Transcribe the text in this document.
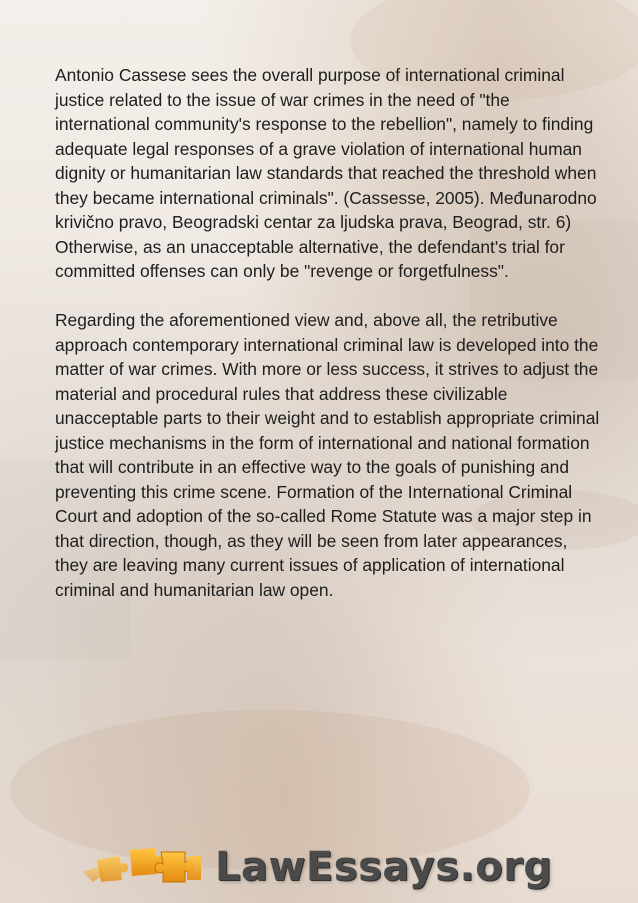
Antonio Cassese sees the overall purpose of international criminal justice related to the issue of war crimes in the need of "the international community's response to the rebellion", namely to finding adequate legal responses of a grave violation of international human dignity or humanitarian law standards that reached the threshold when they became international criminals". (Cassesse, 2005). Međunarodno krivično pravo, Beogradski centar za ljudska prava, Beograd, str. 6) Otherwise, as an unacceptable alternative, the defendant's trial for committed offenses can only be "revenge or forgetfulness".

Regarding the aforementioned view and, above all, the retributive approach contemporary international criminal law is developed into the matter of war crimes. With more or less success, it strives to adjust the material and procedural rules that address these civilizable unacceptable parts to their weight and to establish appropriate criminal justice mechanisms in the form of international and national formation that will contribute in an effective way to the goals of punishing and preventing this crime scene. Formation of the International Criminal Court and adoption of the so-called Rome Statute was a major step in that direction, though, as they will be seen from later appearances, they are leaving many current issues of application of international criminal and humanitarian law open.

LawEssays.org
